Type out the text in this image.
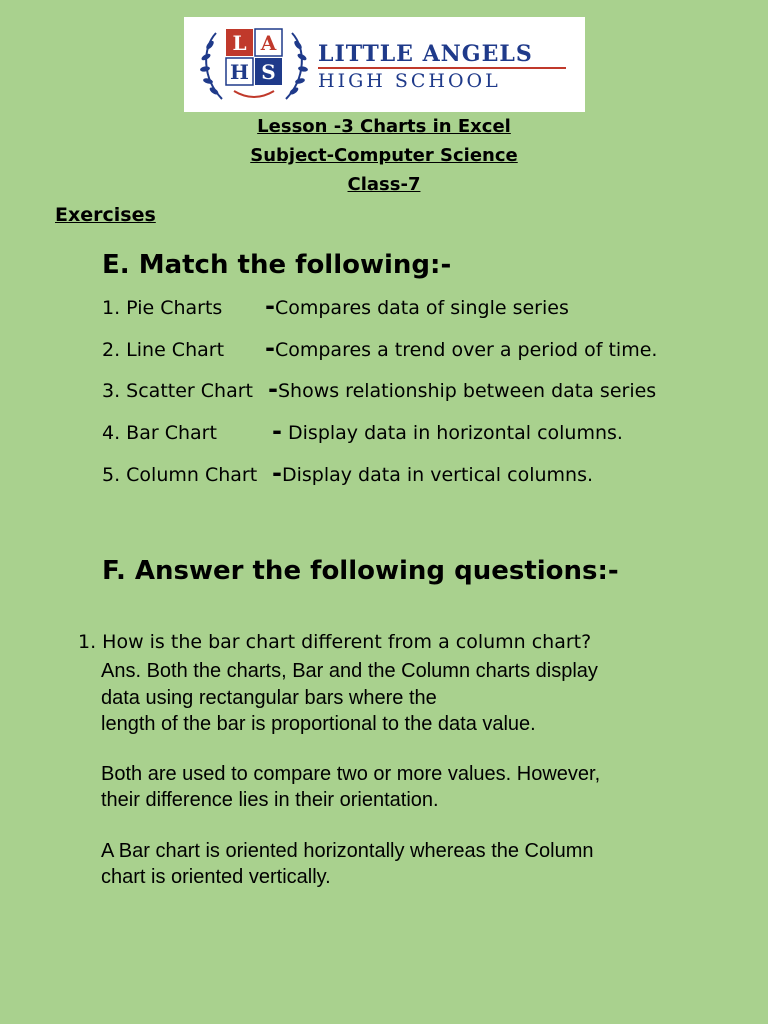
L A
H S
LITTLE ANGELS
HIGH SCHOOL
Lesson -3 Charts in Excel
Subject-Computer Science
Class-7
Exercises
E. Match the following:-
1. Pie Charts -Compares data of single series
2. Line Chart -Compares a trend over a period of time.
3. Scatter Chart -Shows relationship between data series
4. Bar Chart - Display data in horizontal columns.
5. Column Chart -Display data in vertical columns.
F. Answer the following questions:-
1. How is the bar chart different from a column chart?
Ans. Both the charts, Bar and the Column charts display
data using rectangular bars where the
length of the bar is proportional to the data value.
Both are used to compare two or more values. However,
their difference lies in their orientation.
A Bar chart is oriented horizontally whereas the Column
chart is oriented vertically.
